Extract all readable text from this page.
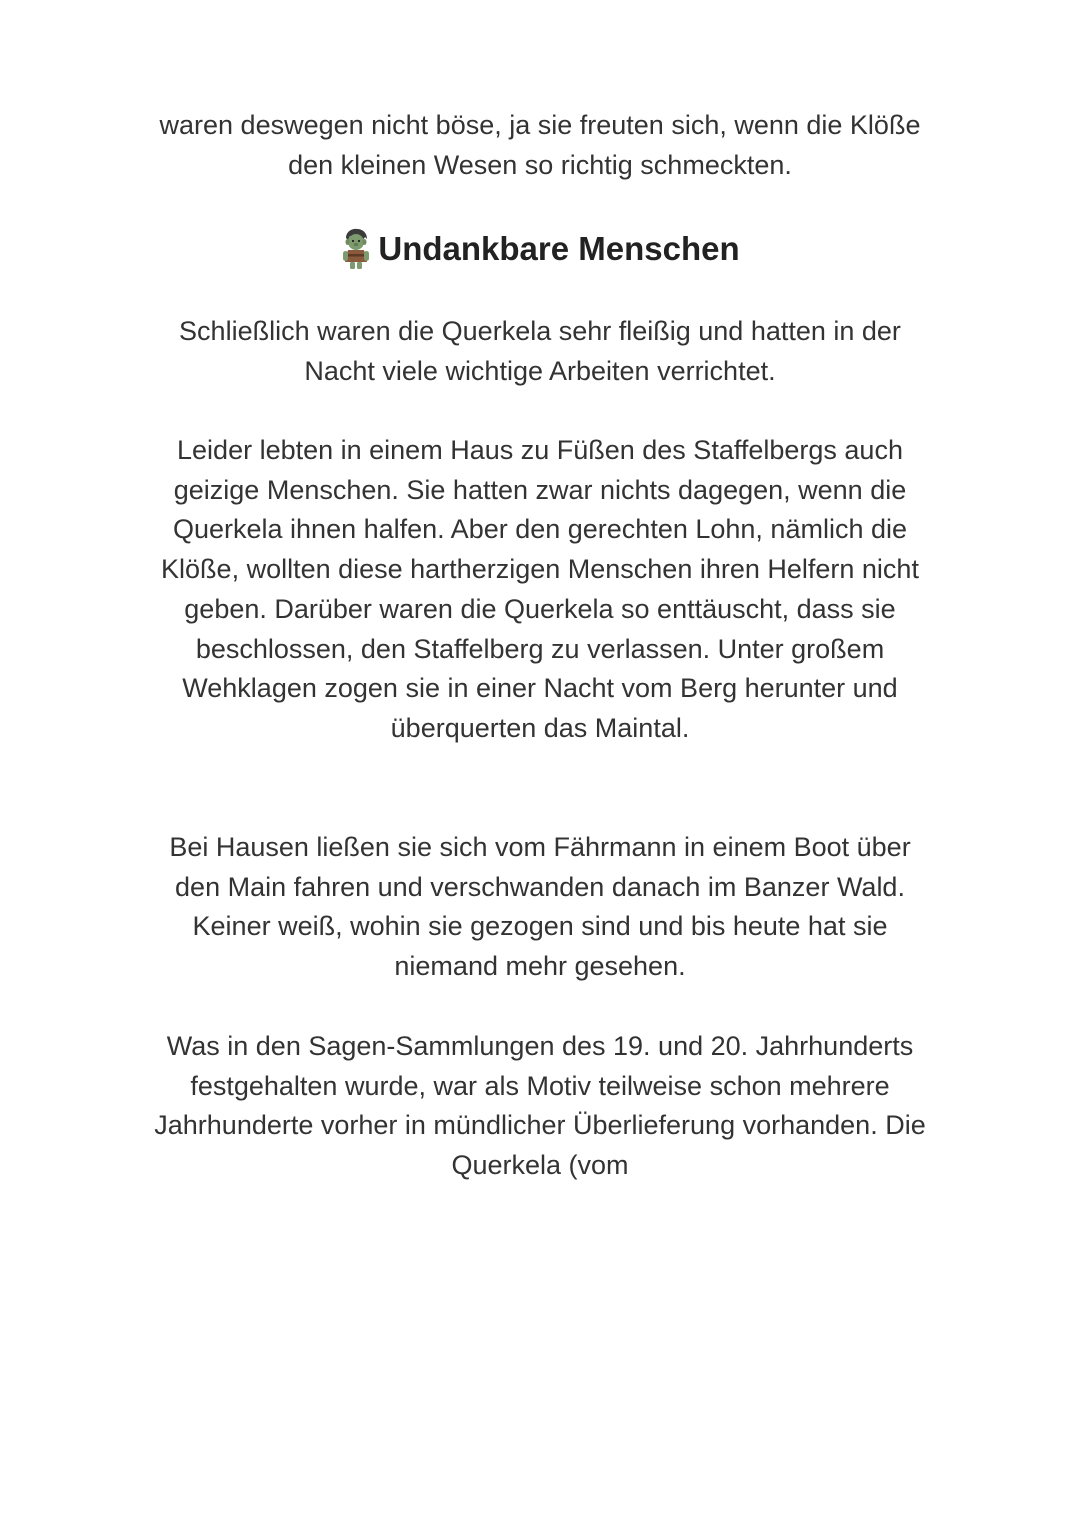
waren deswegen nicht böse, ja sie freuten sich, wenn die Klöße den kleinen Wesen so richtig schmeckten.

Undankbare Menschen

Schließlich waren die Querkela sehr fleißig und hatten in der Nacht viele wichtige Arbeiten verrichtet.

Leider lebten in einem Haus zu Füßen des Staffelbergs auch geizige Menschen. Sie hatten zwar nichts dagegen, wenn die Querkela ihnen halfen. Aber den gerechten Lohn, nämlich die Klöße, wollten diese hartherzigen Menschen ihren Helfern nicht geben. Darüber waren die Querkela so enttäuscht, dass sie beschlossen, den Staffelberg zu verlassen. Unter großem Wehklagen zogen sie in einer Nacht vom Berg herunter und überquerten das Maintal.

Bei Hausen ließen sie sich vom Fährmann in einem Boot über den Main fahren und verschwanden danach im Banzer Wald. Keiner weiß, wohin sie gezogen sind und bis heute hat sie niemand mehr gesehen.

Was in den Sagen-Sammlungen des 19. und 20. Jahrhunderts festgehalten wurde, war als Motiv teilweise schon mehrere Jahrhunderte vorher in mündlicher Überlieferung vorhanden. Die Querkela (vom
